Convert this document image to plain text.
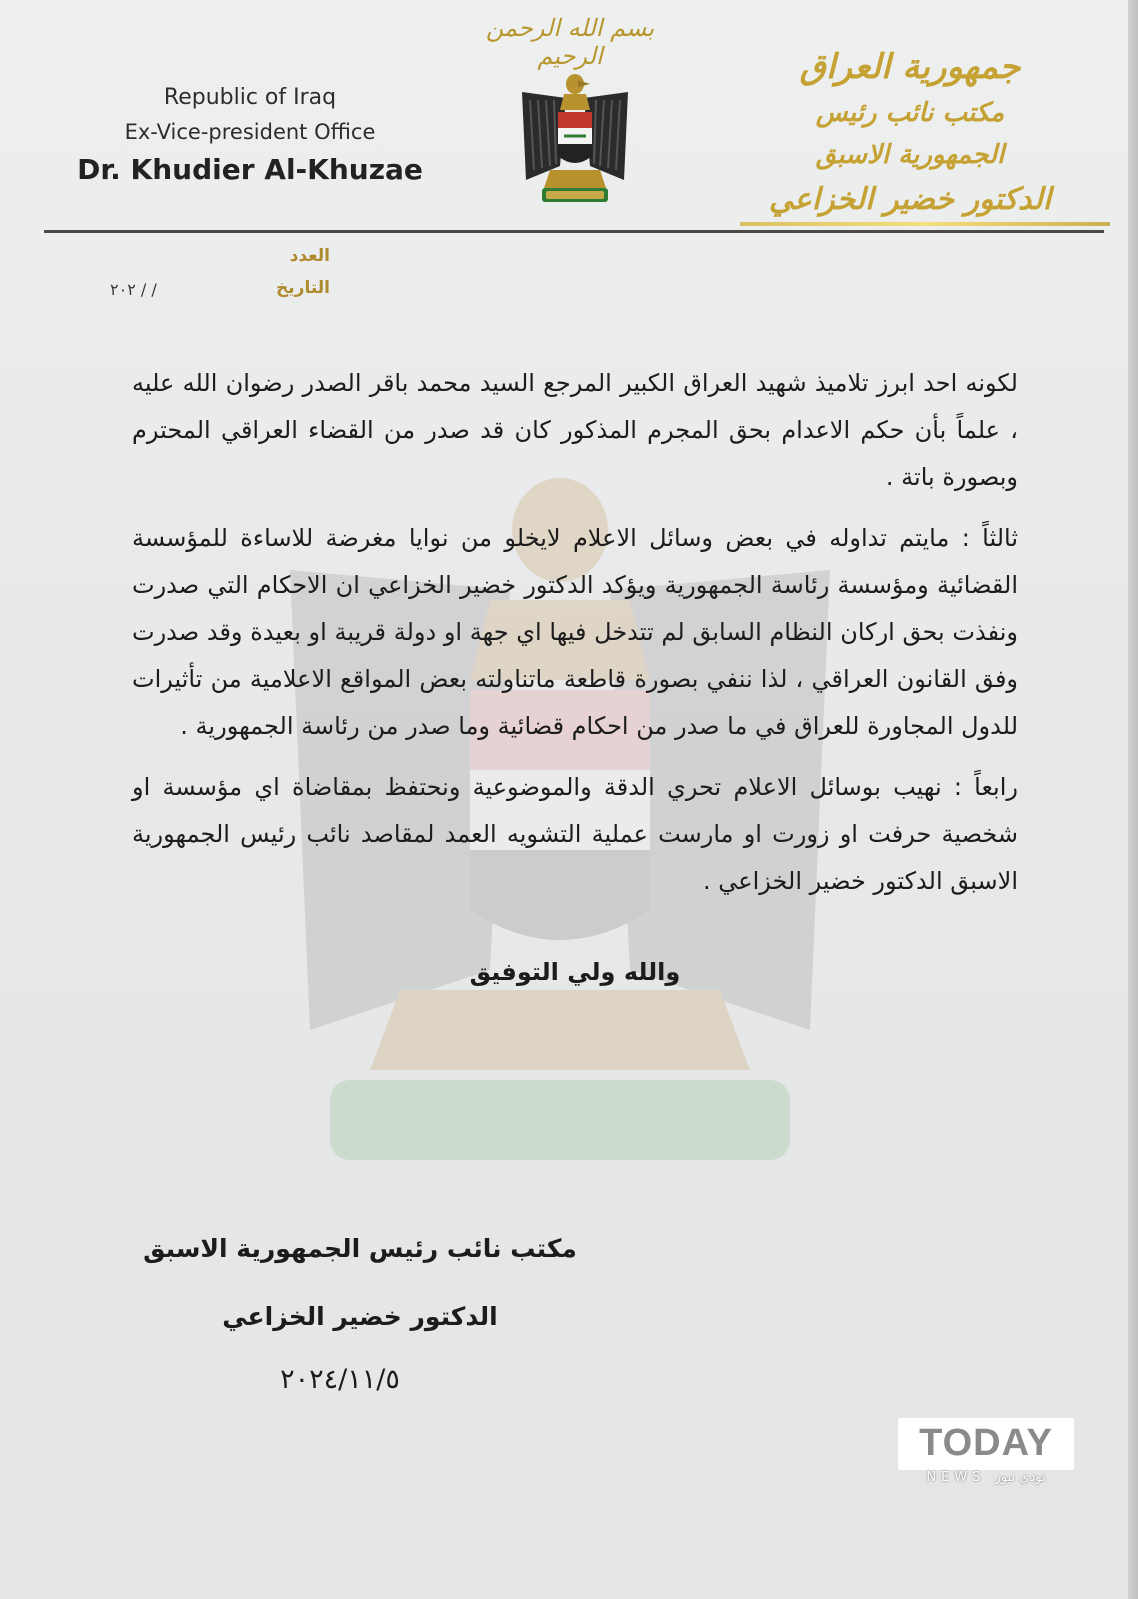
Republic of Iraq
Ex-Vice-president Office
Dr. Khudier Al-Khuzae
بسم الله الرحمن الرحيم	جمهورية العراق
مكتب نائب رئيس الجمهورية الاسبق
الدكتور خضير الخزاعي
العدد
التاريخ
/ / ٢٠٢

لكونه احد ابرز تلاميذ شهيد العراق الكبير المرجع السيد محمد باقر الصدر رضوان الله عليه ، علماً بأن حكم الاعدام بحق المجرم المذكور كان قد صدر من القضاء العراقي المحترم وبصورة باتة .

ثالثاً : مايتم تداوله في بعض وسائل الاعلام لايخلو من نوايا مغرضة للاساءة للمؤسسة القضائية ومؤسسة رئاسة الجمهورية ويؤكد الدكتور خضير الخزاعي ان الاحكام التي صدرت ونفذت بحق اركان النظام السابق لم تتدخل فيها اي جهة او دولة قريبة او بعيدة وقد صدرت وفق القانون العراقي ، لذا ننفي بصورة قاطعة ماتناولته بعض المواقع الاعلامية من تأثيرات للدول المجاورة للعراق في ما صدر من احكام قضائية وما صدر من رئاسة الجمهورية .

رابعاً : نهيب بوسائل الاعلام تحري الدقة والموضوعية ونحتفظ بمقاضاة اي مؤسسة او شخصية حرفت او زورت او مارست عملية التشويه العمد لمقاصد نائب رئيس الجمهورية الاسبق الدكتور خضير الخزاعي .

والله ولي التوفيق
مكتب نائب رئيس الجمهورية الاسبق
الدكتور خضير الخزاعي
٢٠٢٤/١١/٥
TODAY
NEWS تودي نيوز
